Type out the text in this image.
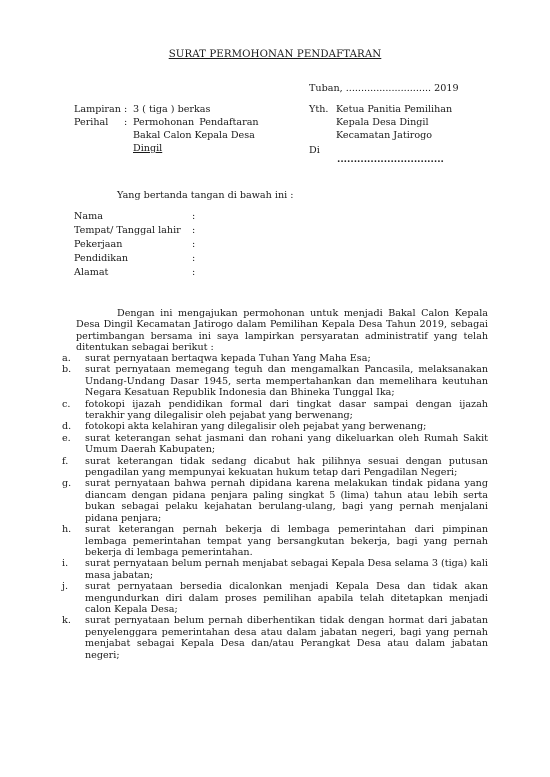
SURAT PERMOHONAN PENDAFTARAN
Tuban, ............................ 2019
Lampiran : 3 ( tiga ) berkas
Perihal : Permohonan Pendaftaran
Bakal Calon Kepala Desa
Dingil
Yth. Ketua Panitia Pemilihan
Kepala Desa Dingil
Kecamatan Jatirogo
Di
................................
Yang bertanda tangan di bawah ini :
Nama	:
Tempat/ Tanggal lahir :
Pekerjaan	:
Pendidikan	:
Alamat	:

Dengan ini mengajukan permohonan untuk menjadi Bakal Calon Kepala Desa Dingil Kecamatan Jatirogo dalam Pemilihan Kepala Desa Tahun 2019, sebagai pertimbangan bersama ini saya lampirkan persyaratan administratif yang telah ditentukan sebagai berikut :

a. surat pernyataan bertaqwa kepada Tuhan Yang Maha Esa;
b. surat pernyataan memegang teguh dan mengamalkan Pancasila, melaksanakan Undang-Undang Dasar 1945, serta mempertahankan dan memelihara keutuhan Negara Kesatuan Republik Indonesia dan Bhineka Tunggal Ika;
c. fotokopi ijazah pendidikan formal dari tingkat dasar sampai dengan ijazah terakhir yang dilegalisir oleh pejabat yang berwenang;
d. fotokopi akta kelahiran yang dilegalisir oleh pejabat yang berwenang;
e. surat keterangan sehat jasmani dan rohani yang dikeluarkan oleh Rumah Sakit Umum Daerah Kabupaten;
f. surat keterangan tidak sedang dicabut hak pilihnya sesuai dengan putusan pengadilan yang mempunyai kekuatan hukum tetap dari Pengadilan Negeri;
g. surat pernyataan bahwa pernah dipidana karena melakukan tindak pidana yang diancam dengan pidana penjara paling singkat 5 (lima) tahun atau lebih serta bukan sebagai pelaku kejahatan berulang-ulang, bagi yang pernah menjalani pidana penjara;
h. surat keterangan pernah bekerja di lembaga pemerintahan dari pimpinan lembaga pemerintahan tempat yang bersangkutan bekerja, bagi yang pernah bekerja di lembaga pemerintahan.
i. surat pernyataan belum pernah menjabat sebagai Kepala Desa selama 3 (tiga) kali masa jabatan;
j. surat pernyataan bersedia dicalonkan menjadi Kepala Desa dan tidak akan mengundurkan diri dalam proses pemilihan apabila telah ditetapkan menjadi calon Kepala Desa;
k. surat pernyataan belum pernah diberhentikan tidak dengan hormat dari jabatan penyelenggara pemerintahan desa atau dalam jabatan negeri, bagi yang pernah menjabat sebagai Kepala Desa dan/atau Perangkat Desa atau dalam jabatan negeri;
